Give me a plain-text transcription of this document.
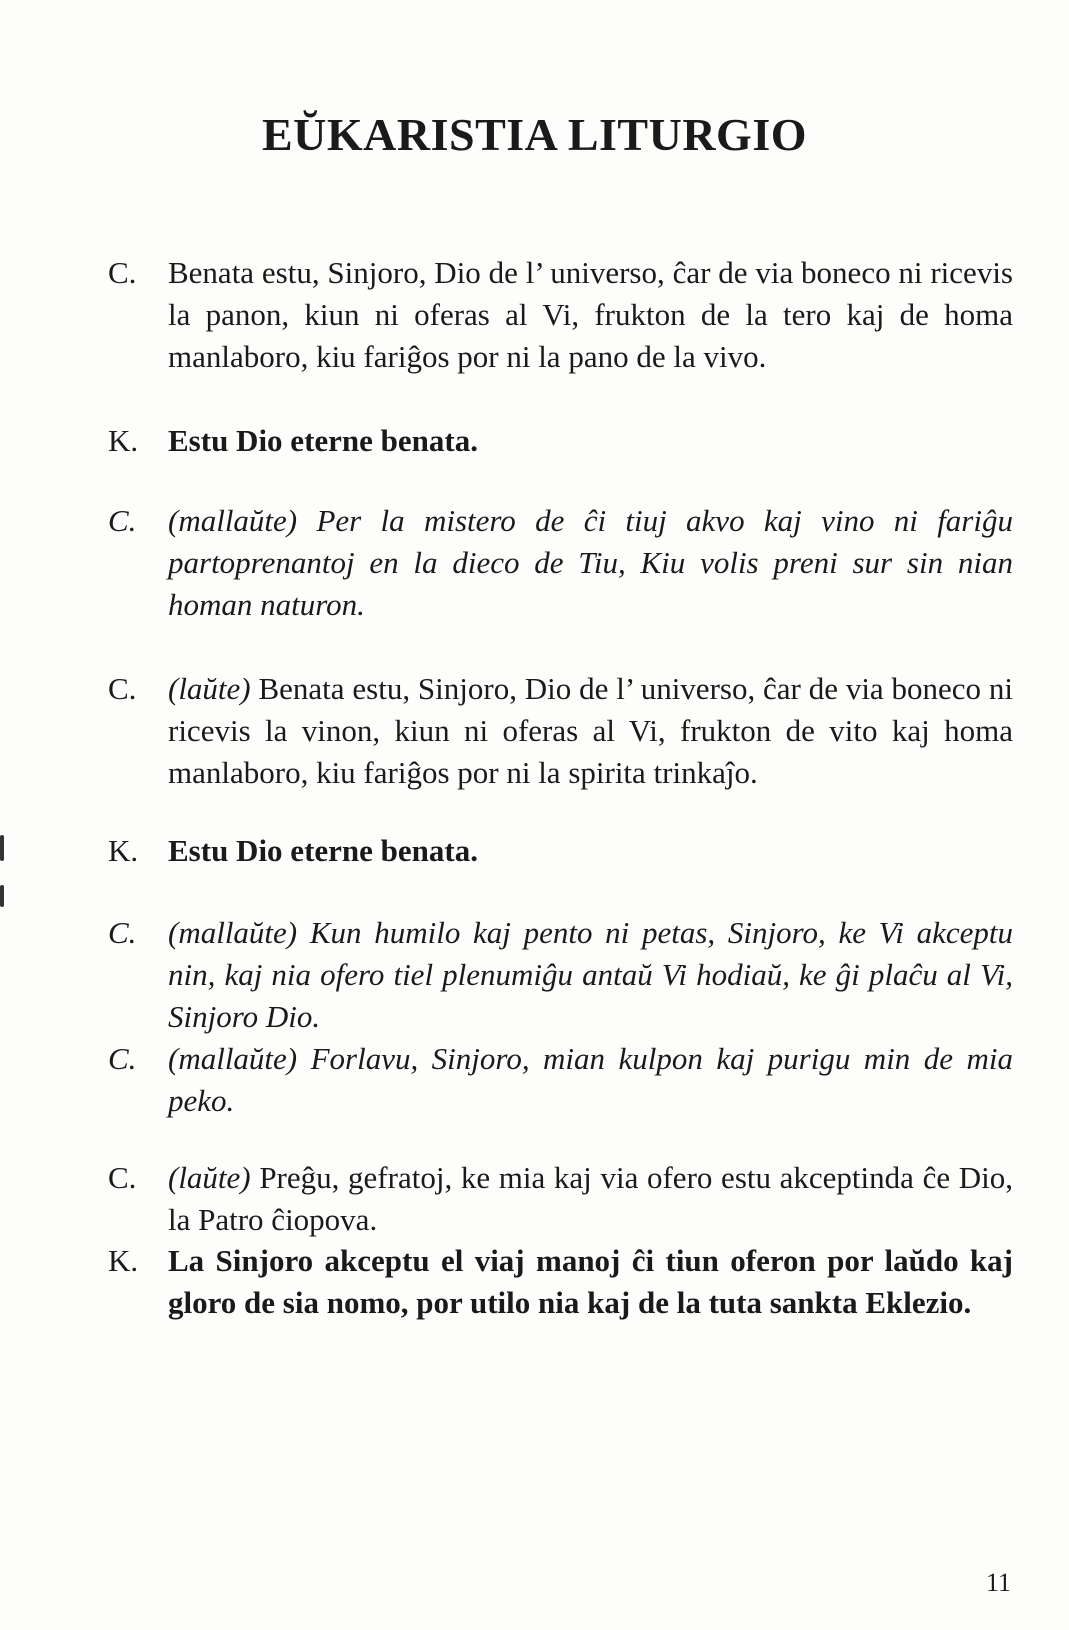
EŬKARISTIA LITURGIO
C.	Benata estu, Sinjoro, Dio de l’ universo, ĉar de via boneco ni ricevis la panon, kiun ni oferas al Vi, frukton de la tero kaj de homa manlaboro, kiu fariĝos por ni la pano de la vivo.
K. Estu Dio eterne benata.
C.	(mallaŭte) Per la mistero de ĉi tiuj akvo kaj vino ni fariĝu partoprenantoj en la dieco de Tiu, Kiu volis preni sur sin nian homan naturon.
C.	(laŭte) Benata estu, Sinjoro, Dio de l’ universo, ĉar de via boneco ni ricevis la vinon, kiun ni oferas al Vi, frukton de vito kaj homa manlaboro, kiu fariĝos por ni la spirita trinkaĵo.
K. Estu Dio eterne benata.
C.	(mallaŭte) Kun humilo kaj pento ni petas, Sinjoro, ke Vi akceptu nin, kaj nia ofero tiel plenumiĝu antaŭ Vi hodiaŭ, ke ĝi plaĉu al Vi, Sinjoro Dio.
C.	(mallaŭte) Forlavu, Sinjoro, mian kulpon kaj purigu min de mia peko.
C.	(laŭte) Preĝu, gefratoj, ke mia kaj via ofero estu akceptinda ĉe Dio, la Patro ĉiopova.
K. La Sinjoro akceptu el viaj manoj ĉi tiun oferon por laŭdo kaj gloro de sia nomo, por utilo nia kaj de la tuta sankta Eklezio.
11
